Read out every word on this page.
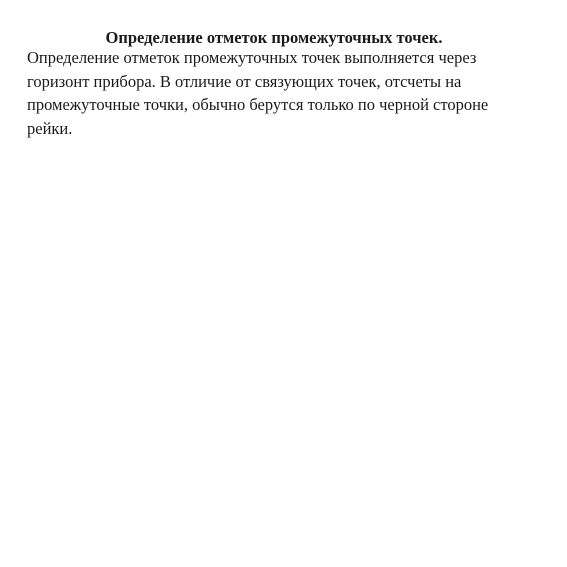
Определение отметок промежуточных точек.
Определение отметок промежуточных точек выполняется через
горизонт прибора. В отличие от связующих точек, отсчеты на
промежуточные точки, обычно берутся только по черной стороне
рейки.
